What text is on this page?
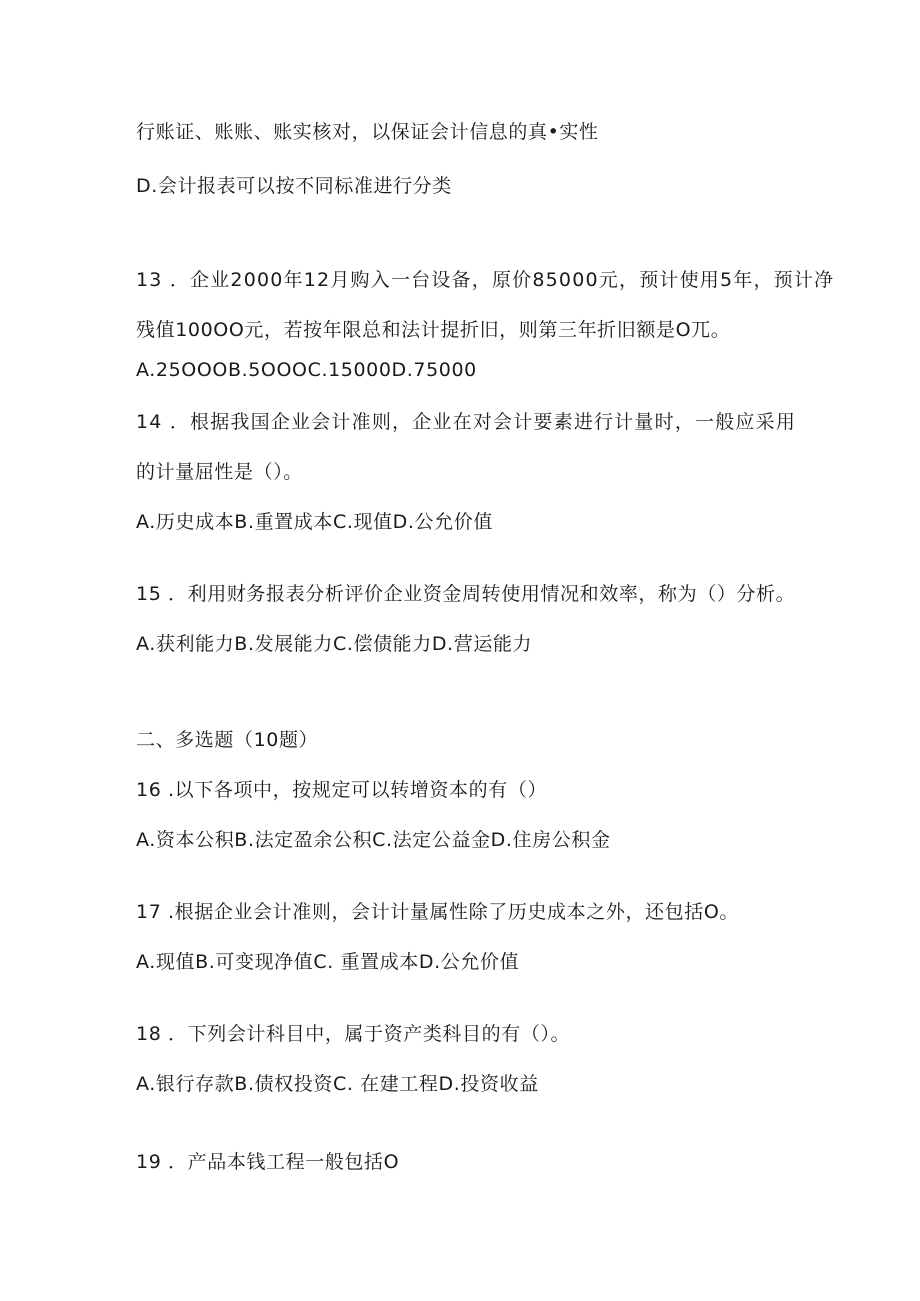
行账证、账账、账实核对，以保证会计信息的真•实性
D.会计报表可以按不同标准进行分类
13 ．企业2000年12月购入一台设备，原价85000元，预计使用5年，预计净
残值100OO元，若按年限总和法计提折旧，则第三年折旧额是O兀。
A.25OOOB.5OOOC.15000D.75000
14 ．根据我国企业会计准则，企业在对会计要素进行计量时，一般应采用
的计量屈性是（）。
A.历史成本B.重置成本C.现值D.公允价值
15 ．利用财务报表分析评价企业资金周转使用情况和效率，称为（）分析。
A.获利能力B.发展能力C.偿债能力D.营运能力
二、多选题（10题）
16 .以下各项中，按规定可以转增资本的有（）
A.资本公积B.法定盈余公积C.法定公益金D.住房公积金
17 .根据企业会计准则，会计计量属性除了历史成本之外，还包括O。
A.现值B.可变现净值C. 重置成本D.公允价值
18 ．下列会计科目中，属于资产类科目的有（）。
A.银行存款B.债权投资C. 在建工程D.投资收益
19 ．产品本钱工程一般包括O
